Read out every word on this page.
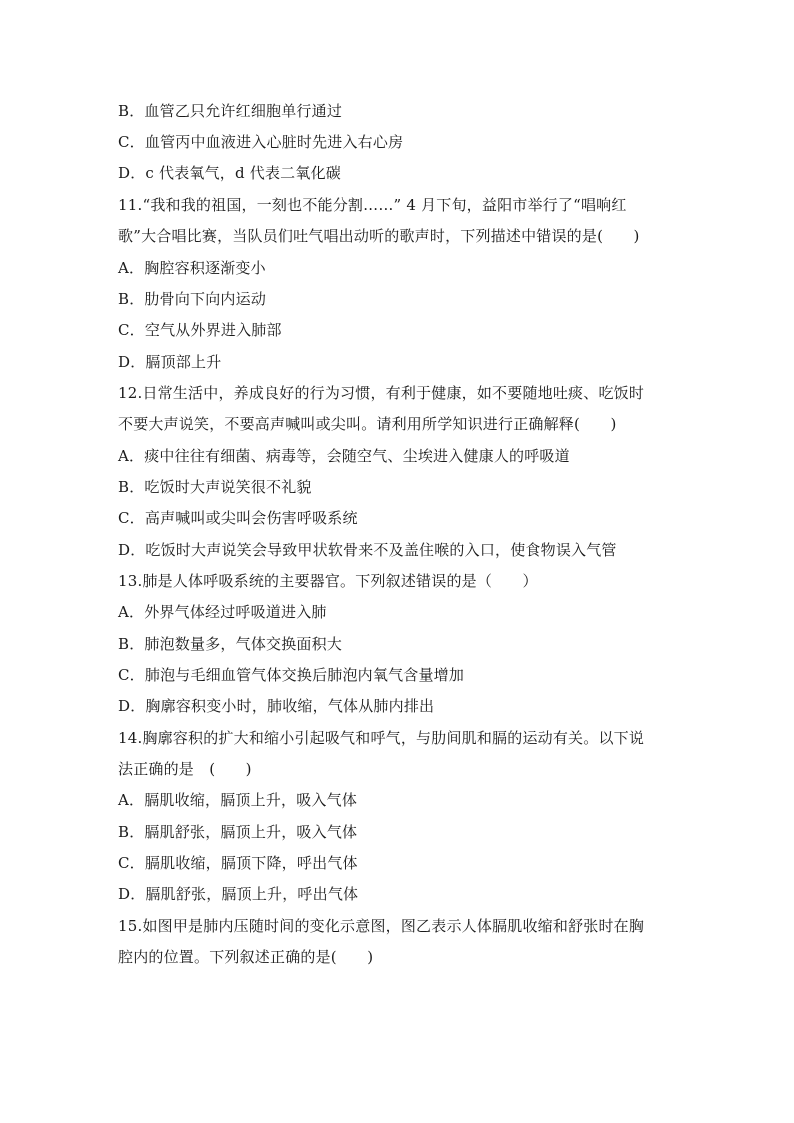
B．血管乙只允许红细胞单行通过
C．血管丙中血液进入心脏时先进入右心房
D．c 代表氧气，d 代表二氧化碳
11.“我和我的祖国，一刻也不能分割……” 4 月下旬，益阳市举行了“唱响红
歌”大合唱比赛，当队员们吐气唱出动听的歌声时，下列描述中错误的是(　　)
A．胸腔容积逐渐变小
B．肋骨向下向内运动
C．空气从外界进入肺部
D．膈顶部上升
12.日常生活中，养成良好的行为习惯，有利于健康，如不要随地吐痰、吃饭时
不要大声说笑，不要高声喊叫或尖叫。请利用所学知识进行正确解释(　　)
A．痰中往往有细菌、病毒等，会随空气、尘埃进入健康人的呼吸道
B．吃饭时大声说笑很不礼貌
C．高声喊叫或尖叫会伤害呼吸系统
D．吃饭时大声说笑会导致甲状软骨来不及盖住喉的入口，使食物误入气管
13.肺是人体呼吸系统的主要器官。下列叙述错误的是（　　）
A．外界气体经过呼吸道进入肺
B．肺泡数量多，气体交换面积大
C．肺泡与毛细血管气体交换后肺泡内氧气含量增加
D．胸廓容积变小时，肺收缩，气体从肺内排出
14.胸廓容积的扩大和缩小引起吸气和呼气，与肋间肌和膈的运动有关。以下说
法正确的是　(　　)
A．膈肌收缩，膈顶上升，吸入气体
B．膈肌舒张，膈顶上升，吸入气体
C．膈肌收缩，膈顶下降，呼出气体
D．膈肌舒张，膈顶上升，呼出气体
15.如图甲是肺内压随时间的变化示意图，图乙表示人体膈肌收缩和舒张时在胸
腔内的位置。下列叙述正确的是(　　)
